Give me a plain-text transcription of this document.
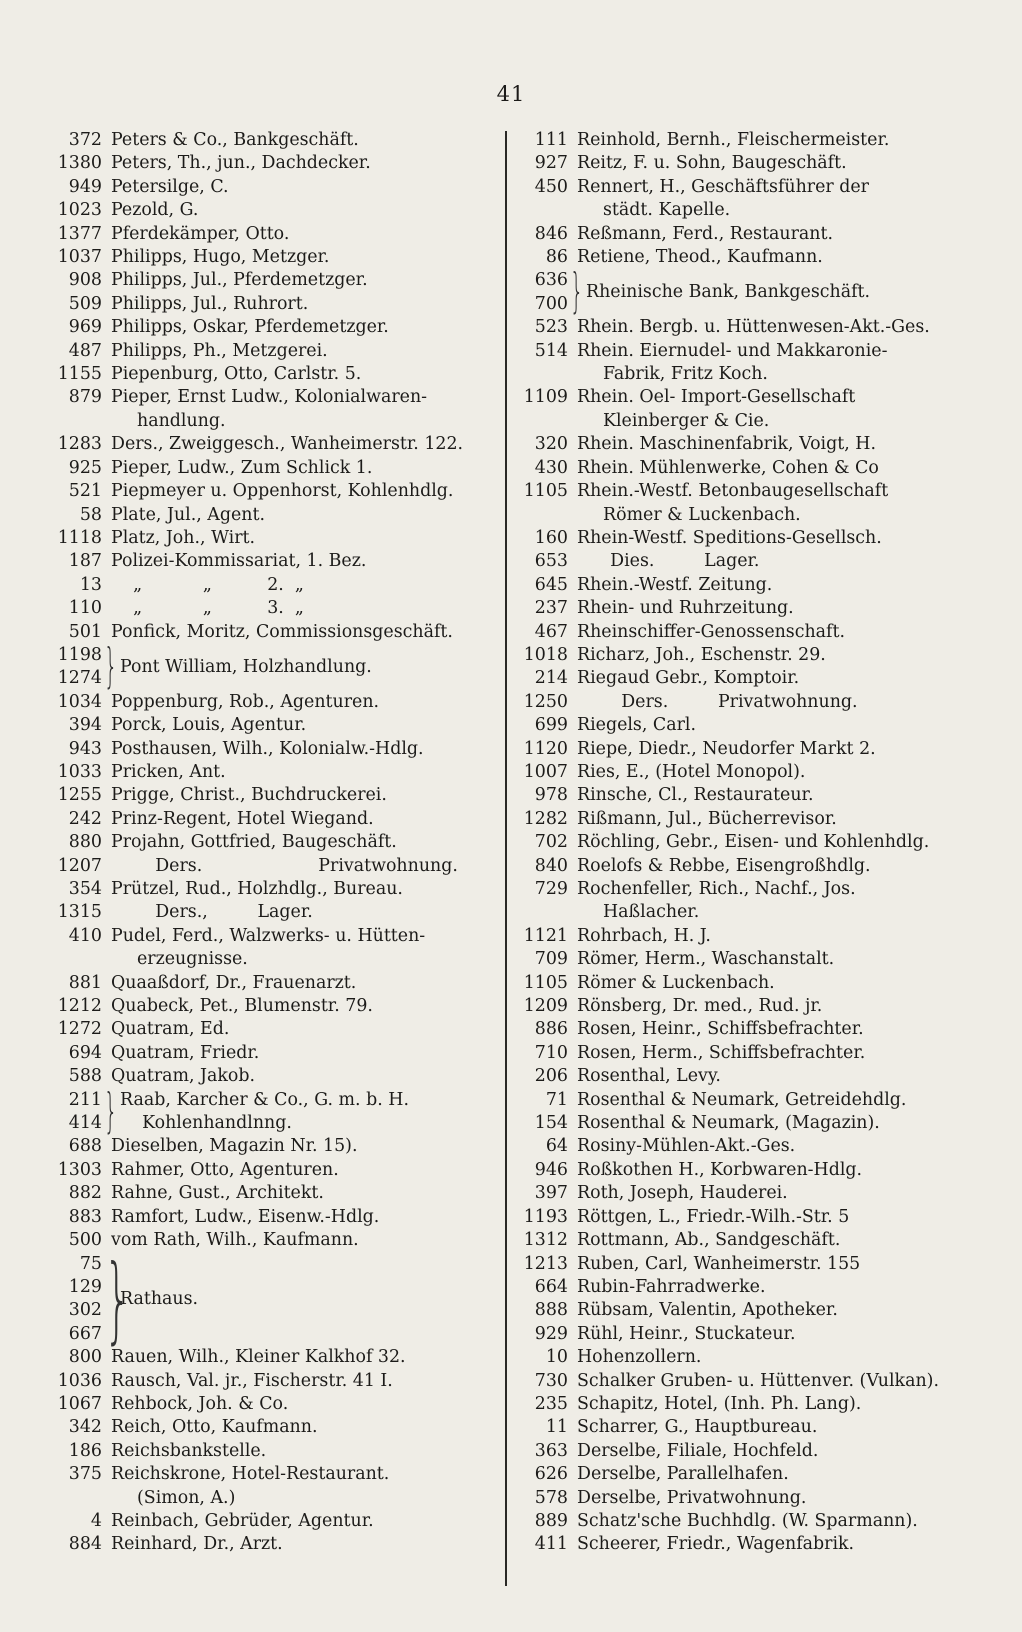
41
372 Peters & Co., Bankgeschäft.
1380 Peters, Th., jun., Dachdecker.
949 Petersilge, C.
1023 Pezold, G.
1377 Pferdekämper, Otto.
1037 Philipps, Hugo, Metzger.
908 Philipps, Jul., Pferdemetzger.
509 Philipps, Jul., Ruhrort.
969 Philipps, Oskar, Pferdemetzger.
487 Philipps, Ph., Metzgerei.
1155 Piepenburg, Otto, Carlstr. 5.
879 Pieper, Ernst Ludw., Kolonialwaren-
handlung.
1283 Ders., Zweiggesch., Wanheimerstr. 122.
925 Pieper, Ludw., Zum Schlick 1.
521 Piepmeyer u. Oppenhorst, Kohlenhdlg.
58 Plate, Jul., Agent.
1118 Platz, Joh., Wirt.
187 Polizei-Kommissariat, 1. Bez.
13 „           „          2.  „
110 „           „          3.  „
501 Ponfick, Moritz, Commissionsgeschäft.
1198
1274 } Pont William, Holzhandlung.
1034 Poppenburg, Rob., Agenturen.
394 Porck, Louis, Agentur.
943 Posthausen, Wilh., Kolonialw.-Hdlg.
1033 Pricken, Ant.
1255 Prigge, Christ., Buchdruckerei.
242 Prinz-Regent, Hotel Wiegand.
880 Projahn, Gottfried, Baugeschäft.
1207 Ders.                     Privatwohnung.
354 Prützel, Rud., Holzhdlg., Bureau.
1315 Ders.,         Lager.
410 Pudel, Ferd., Walzwerks- u. Hütten-
erzeugnisse.
881 Quaaßdorf, Dr., Frauenarzt.
1212 Quabeck, Pet., Blumenstr. 79.
1272 Quatram, Ed.
694 Quatram, Friedr.
588 Quatram, Jakob.
211
414 } Raab, Karcher & Co., G. m. b. H.
Kohlenhandlnng.
688 Dieselben, Magazin Nr. 15).
1303 Rahmer, Otto, Agenturen.
882 Rahne, Gust., Architekt.
883 Ramfort, Ludw., Eisenw.-Hdlg.
500 vom Rath, Wilh., Kaufmann.
75
129
302
667 }
Rathaus.
800 Rauen, Wilh., Kleiner Kalkhof 32.
1036 Rausch, Val. jr., Fischerstr. 41 I.
1067 Rehbock, Joh. & Co.
342 Reich, Otto, Kaufmann.
186 Reichsbankstelle.
375 Reichskrone, Hotel-Restaurant.
(Simon, A.)
4 Reinbach, Gebrüder, Agentur.
884 Reinhard, Dr., Arzt.
111 Reinhold, Bernh., Fleischermeister.
927 Reitz, F. u. Sohn, Baugeschäft.
450 Rennert, H., Geschäftsführer der
städt. Kapelle.
846 Reßmann, Ferd., Restaurant.
86 Retiene, Theod., Kaufmann.
636
700 } Rheinische Bank, Bankgeschäft.
523 Rhein. Bergb. u. Hüttenwesen-Akt.-Ges.
514 Rhein. Eiernudel- und Makkaronie-
Fabrik, Fritz Koch.
1109 Rhein. Oel- Import-Gesellschaft
Kleinberger & Cie.
320 Rhein. Maschinenfabrik, Voigt, H.
430 Rhein. Mühlenwerke, Cohen & Co
1105 Rhein.-Westf. Betonbaugesellschaft
Römer & Luckenbach.
160 Rhein-Westf. Speditions-Gesellsch.
653 Dies.         Lager.
645 Rhein.-Westf. Zeitung.
237 Rhein- und Ruhrzeitung.
467 Rheinschiffer-Genossenschaft.
1018 Richarz, Joh., Eschenstr. 29.
214 Riegaud Gebr., Komptoir.
1250 Ders.         Privatwohnung.
699 Riegels, Carl.
1120 Riepe, Diedr., Neudorfer Markt 2.
1007 Ries, E., (Hotel Monopol).
978 Rinsche, Cl., Restaurateur.
1282 Rißmann, Jul., Bücherrevisor.
702 Röchling, Gebr., Eisen- und Kohlenhdlg.
840 Roelofs & Rebbe, Eisengroßhdlg.
729 Rochenfeller, Rich., Nachf., Jos.
Haßlacher.
1121 Rohrbach, H. J.
709 Römer, Herm., Waschanstalt.
1105 Römer & Luckenbach.
1209 Rönsberg, Dr. med., Rud. jr.
886 Rosen, Heinr., Schiffsbefrachter.
710 Rosen, Herm., Schiffsbefrachter.
206 Rosenthal, Levy.
71 Rosenthal & Neumark, Getreidehdlg.
154 Rosenthal & Neumark, (Magazin).
64 Rosiny-Mühlen-Akt.-Ges.
946 Roßkothen H., Korbwaren-Hdlg.
397 Roth, Joseph, Hauderei.
1193 Röttgen, L., Friedr.-Wilh.-Str. 5
1312 Rottmann, Ab., Sandgeschäft.
1213 Ruben, Carl, Wanheimerstr. 155
664 Rubin-Fahrradwerke.
888 Rübsam, Valentin, Apotheker.
929 Rühl, Heinr., Stuckateur.
10 Hohenzollern.
730 Schalker Gruben- u. Hüttenver. (Vulkan).
235 Schapitz, Hotel, (Inh. Ph. Lang).
11 Scharrer, G., Hauptbureau.
363 Derselbe, Filiale, Hochfeld.
626 Derselbe, Parallelhafen.
578 Derselbe, Privatwohnung.
889 Schatz'sche Buchhdlg. (W. Sparmann).
411 Scheerer, Friedr., Wagenfabrik.
